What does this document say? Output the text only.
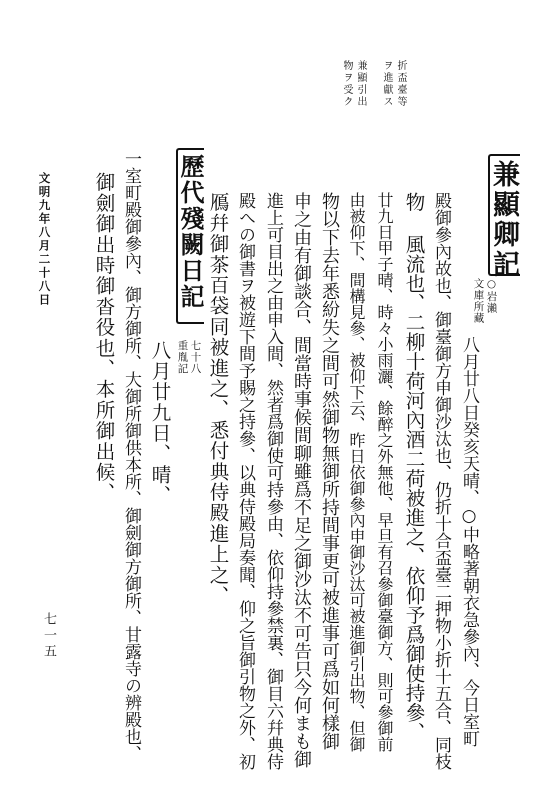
折盃臺等
ヲ進獻ス
兼顯引出
物ヲ受ク
兼顯卿記
○岩瀨
文庫所藏
八月廿八日癸亥天晴、○中略著朝衣急參內、今日室町
殿御參內故也、御臺御方申御沙汰也、仍折十合盃臺二押物小折十五合、同枝
物 風流也、二柳十荷河內酒二荷被進之、依仰予爲御使持參、
廿九日甲子晴、時々小雨灑、餘醉之外無他、早旦有召參御臺御方、則可參御前
由被仰下、間構見參、被仰下云、昨日依御參內申御沙汰可被進御引出物、但御
物以下去年悉紛失之間可然御物無御所持間事更可被進事可爲如何樣御
申之由有御談合、間當時事候間聊雖爲不足之御沙汰不可告只今何まも御
進上可目出之由申入間、然者爲御使可持參由、依仰持參禁裏、御目六幷典侍
殿への御書ヲ被遊下間予賜之持參、以典侍殿局奏聞、仰之旨御引物之外、初
鴈幷御茶百袋同被進之、悉付典侍殿進上之、
歷代殘闕日記
七十八
重胤記
八月廿九日、晴、
一室町殿御參內、御方御所、大御所御供本所、御劍御方御所、甘露寺の辨殿也、
御劍御出時御沓役也、本所御出候、
文明九年八月二十八日
七一五
